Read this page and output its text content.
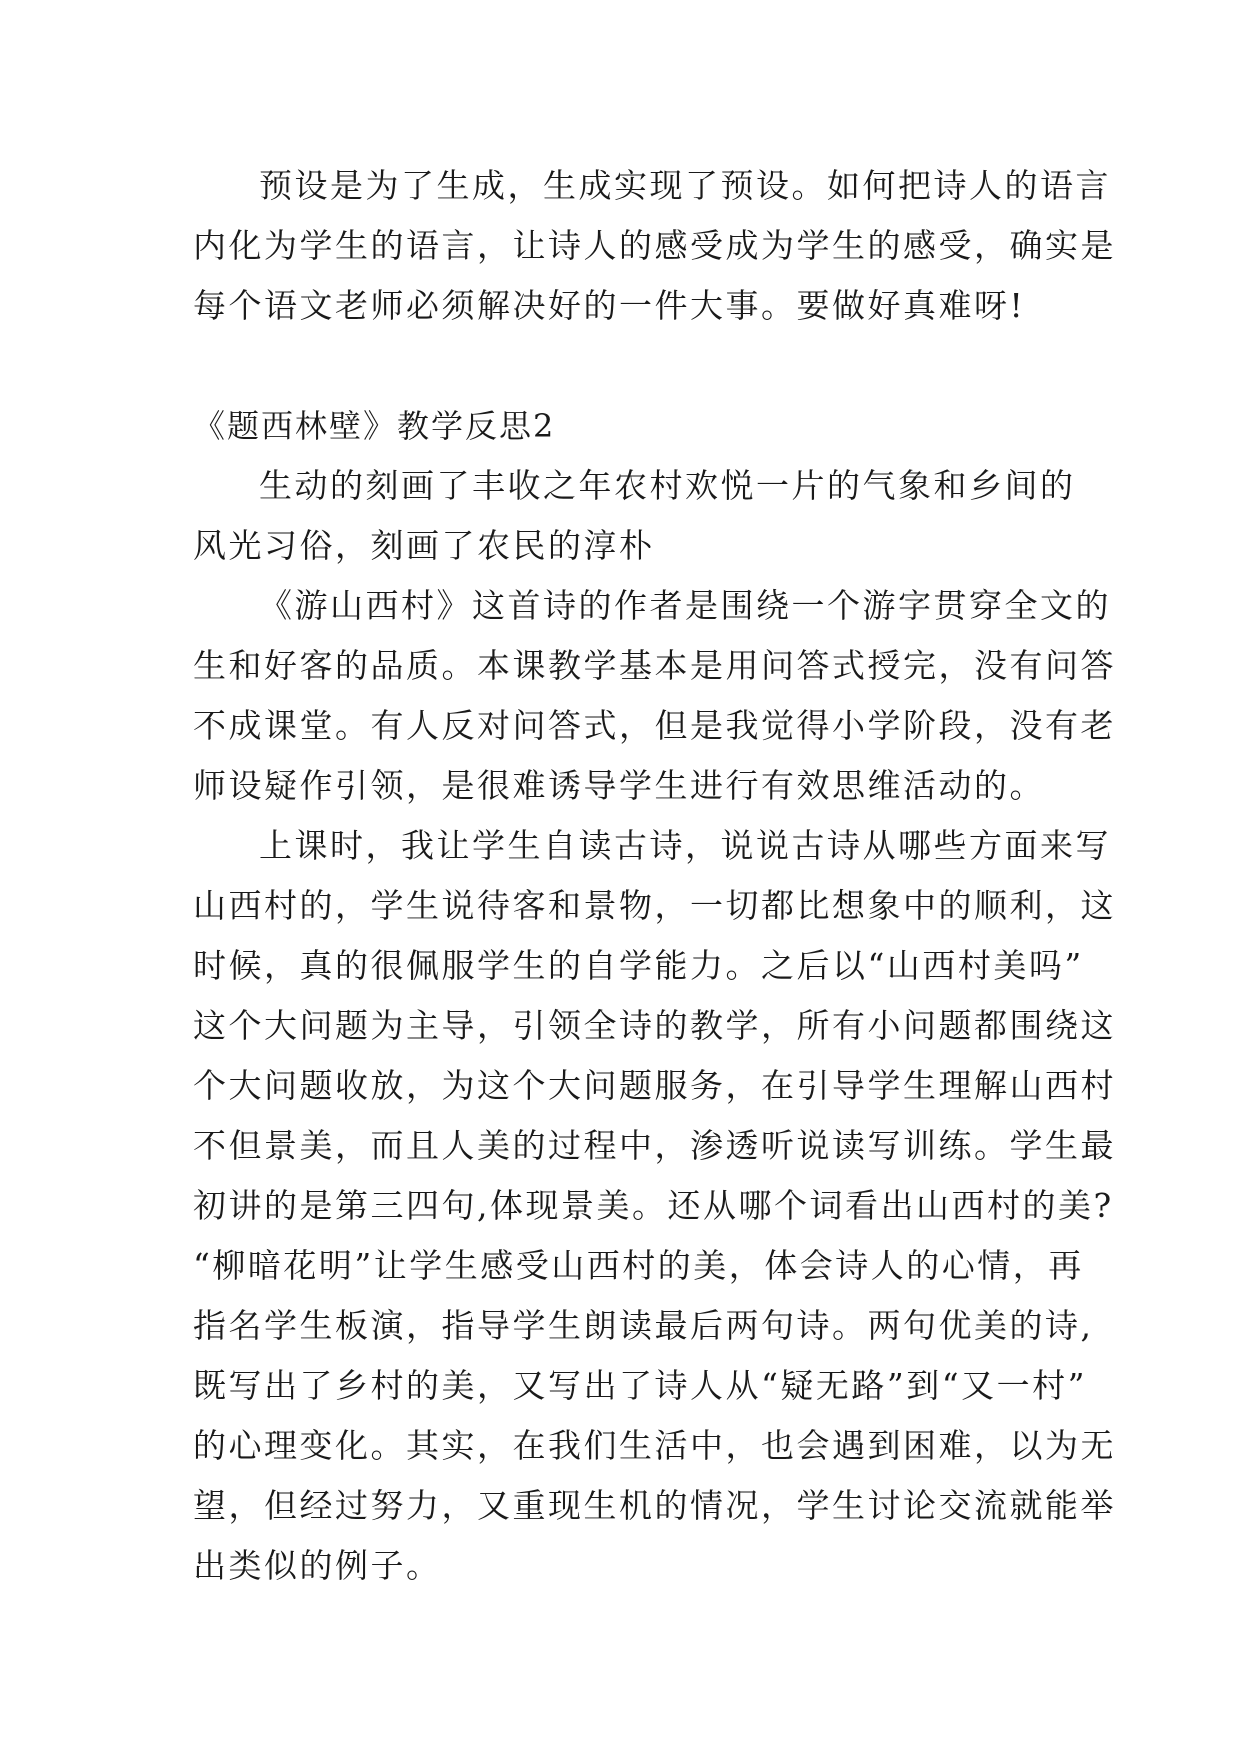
预设是为了生成，生成实现了预设。如何把诗人的语言
内化为学生的语言，让诗人的感受成为学生的感受，确实是
每个语文老师必须解决好的一件大事。要做好真难呀!
《题西林壁》教学反思2
生动的刻画了丰收之年农村欢悦一片的气象和乡间的
风光习俗，刻画了农民的淳朴
《游山西村》这首诗的作者是围绕一个游字贯穿全文的
生和好客的品质。本课教学基本是用问答式授完，没有问答
不成课堂。有人反对问答式，但是我觉得小学阶段，没有老
师设疑作引领，是很难诱导学生进行有效思维活动的。
上课时，我让学生自读古诗，说说古诗从哪些方面来写
山西村的，学生说待客和景物，一切都比想象中的顺利，这
时候，真的很佩服学生的自学能力。之后以“山西村美吗”
这个大问题为主导，引领全诗的教学，所有小问题都围绕这
个大问题收放，为这个大问题服务，在引导学生理解山西村
不但景美，而且人美的过程中，渗透听说读写训练。学生最
初讲的是第三四句,体现景美。还从哪个词看出山西村的美?
“柳暗花明”让学生感受山西村的美，体会诗人的心情，再
指名学生板演，指导学生朗读最后两句诗。两句优美的诗,
既写出了乡村的美，又写出了诗人从“疑无路”到“又一村”
的心理变化。其实，在我们生活中，也会遇到困难，以为无
望，但经过努力，又重现生机的情况，学生讨论交流就能举
出类似的例子。
